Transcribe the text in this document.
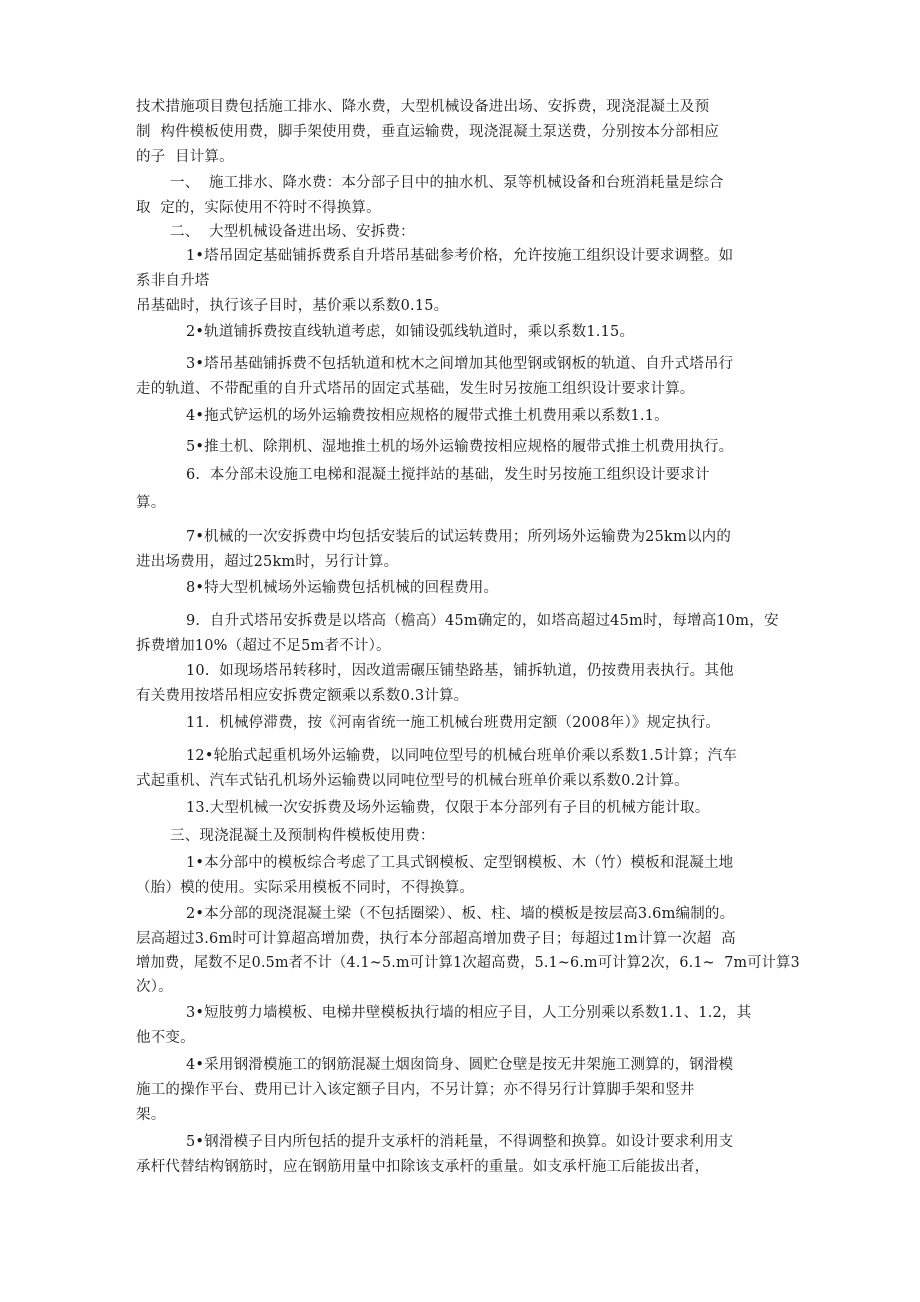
技术措施项目费包括施工排水、降水费，大型机械设备进出场、安拆费，现浇混凝土及预
制  构件模板使用费，脚手架使用费，垂直运输费，现浇混凝土泵送费，分别按本分部相应
的子  目计算。
一、  施工排水、降水费：本分部子目中的抽水机、泵等机械设备和台班消耗量是综合
取  定的，实际使用不符时不得换算。
二、  大型机械设备进出场、安拆费：
1•塔吊固定基础铺拆费系自升塔吊基础参考价格，允许按施工组织设计要求调整。如
系非自升塔
吊基础时，执行该子目时，基价乘以系数0.15。
2•轨道铺拆费按直线轨道考虑，如铺设弧线轨道时，乘以系数1.15。
3•塔吊基础铺拆费不包括轨道和枕木之间增加其他型钢或钢板的轨道、自升式塔吊行
走的轨道、不带配重的自升式塔吊的固定式基础，发生时另按施工组织设计要求计算。
4•拖式铲运机的场外运输费按相应规格的履带式推土机费用乘以系数1.1。
5•推土机、除荆机、湿地推土机的场外运输费按相应规格的履带式推土机费用执行。
6.  本分部未设施工电梯和混凝土搅拌站的基础，发生时另按施工组织设计要求计
算。
7•机械的一次安拆费中均包括安装后的试运转费用；所列场外运输费为25km以内的
进出场费用，超过25km时，另行计算。
8•特大型机械场外运输费包括机械的回程费用。
9.  自升式塔吊安拆费是以塔高（檐高）45m确定的，如塔高超过45m时，每增高10m，安
拆费增加10%（超过不足5m者不计）。
10.  如现场塔吊转移时，因改道需碾压铺垫路基，铺拆轨道，仍按费用表执行。其他
有关费用按塔吊相应安拆费定额乘以系数0.3计算。
11.  机械停滞费，按《河南省统一施工机械台班费用定额（2008年）》规定执行。
12•轮胎式起重机场外运输费，以同吨位型号的机械台班单价乘以系数1.5计算；汽车
式起重机、汽车式钻孔机场外运输费以同吨位型号的机械台班单价乘以系数0.2计算。
13.大型机械一次安拆费及场外运输费，仅限于本分部列有子目的机械方能计取。
三、现浇混凝土及预制构件模板使用费：
1•本分部中的模板综合考虑了工具式钢模板、定型钢模板、木（竹）模板和混凝土地
（胎）模的使用。实际采用模板不同时，不得换算。
2•本分部的现浇混凝土梁（不包括圈梁）、板、柱、墙的模板是按层高3.6m编制的。
层高超过3.6m时可计算超高增加费，执行本分部超高增加费子目；每超过1m计算一次超  高
增加费，尾数不足0.5m者不计（4.1~5.m可计算1次超高费，5.1~6.m可计算2次，6.1~  7m可计算3
次）。
3•短肢剪力墙模板、电梯井壁模板执行墙的相应子目，人工分别乘以系数1.1、1.2，其
他不变。
4•采用钢滑模施工的钢筋混凝土烟囱筒身、圆贮仓壁是按无井架施工测算的，钢滑模
施工的操作平台、费用已计入该定额子目内，不另计算；亦不得另行计算脚手架和竖井
架。
5•钢滑模子目内所包括的提升支承杆的消耗量，不得调整和换算。如设计要求利用支
承杆代替结构钢筋时，应在钢筋用量中扣除该支承杆的重量。如支承杆施工后能拔出者，
